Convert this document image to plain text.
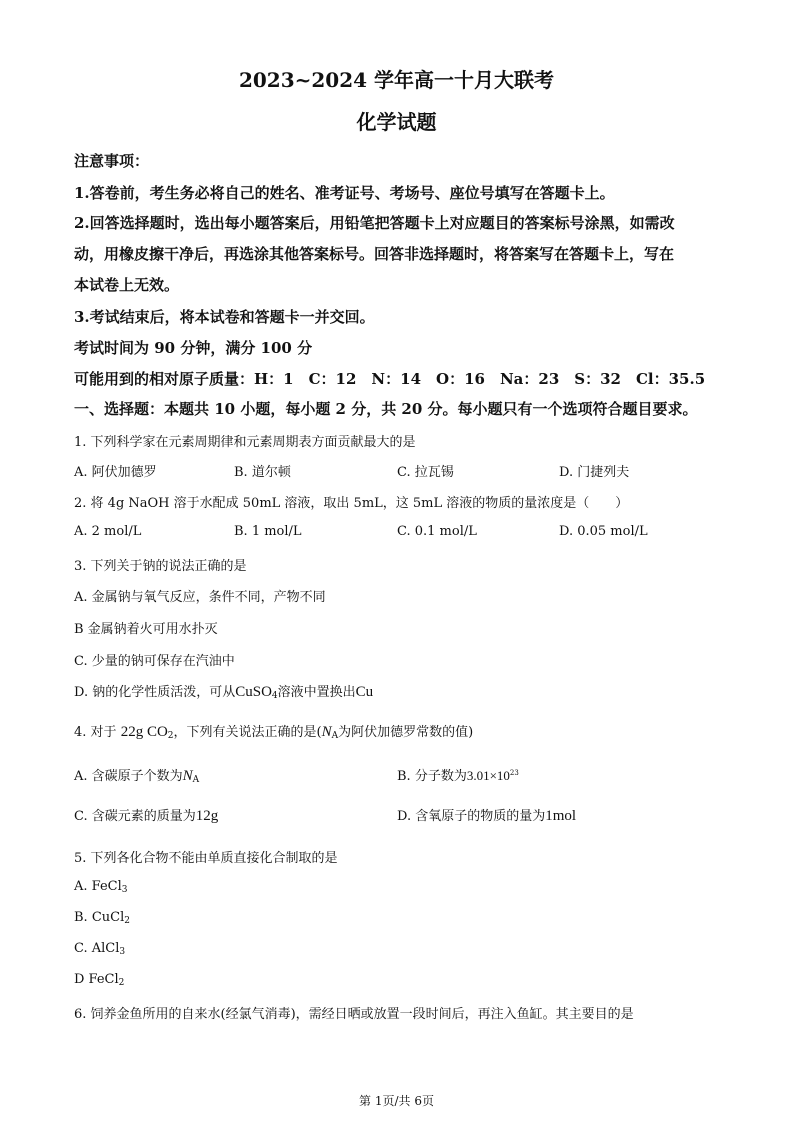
2023~2024 学年高一十月大联考
化学试题
注意事项：
1.答卷前，考生务必将自己的姓名、准考证号、考场号、座位号填写在答题卡上。
2.回答选择题时，选出每小题答案后，用铅笔把答题卡上对应题目的答案标号涂黑，如需改
动，用橡皮擦干净后，再选涂其他答案标号。回答非选择题时，将答案写在答题卡上，写在
本试卷上无效。
3.考试结束后，将本试卷和答题卡一并交回。
考试时间为 90 分钟，满分 100 分
可能用到的相对原子质量：H：1　C：12　N：14　O：16　Na：23　S：32　Cl：35.5
一、选择题：本题共 10 小题，每小题 2 分，共 20 分。每小题只有一个选项符合题目要求。
1. 下列科学家在元素周期律和元素周期表方面贡献最大的是
A. 阿伏加德罗	B. 道尔顿	C. 拉瓦锡	D. 门捷列夫
2. 将 4g NaOH 溶于水配成 50mL 溶液，取出 5mL，这 5mL 溶液的物质的量浓度是（　　）
A. 2 mol/L	B. 1 mol/L	C. 0.1 mol/L	D. 0.05 mol/L
3. 下列关于钠的说法正确的是
A. 金属钠与氧气反应，条件不同，产物不同
B 金属钠着火可用水扑灭
C. 少量的钠可保存在汽油中
D. 钠的化学性质活泼，可从CuSO$_4$溶液中置换出Cu
4. 对于 22g $CO_2$，下列有关说法正确的是($N_A$为阿伏加德罗常数的值)
A. 含碳原子个数为$N_A$	B. 分子数为$3.01\times 10^{23}$
C. 含碳元素的质量为12g	D. 含氧原子的物质的量为1mol
5. 下列各化合物不能由单质直接化合制取的是
A. FeCl$_3$
B. CuCl$_2$
C. AlCl$_3$
D FeCl$_2$
6. 饲养金鱼所用的自来水(经氯气消毒)，需经日晒或放置一段时间后，再注入鱼缸。其主要目的是
第 1页/共 6页
